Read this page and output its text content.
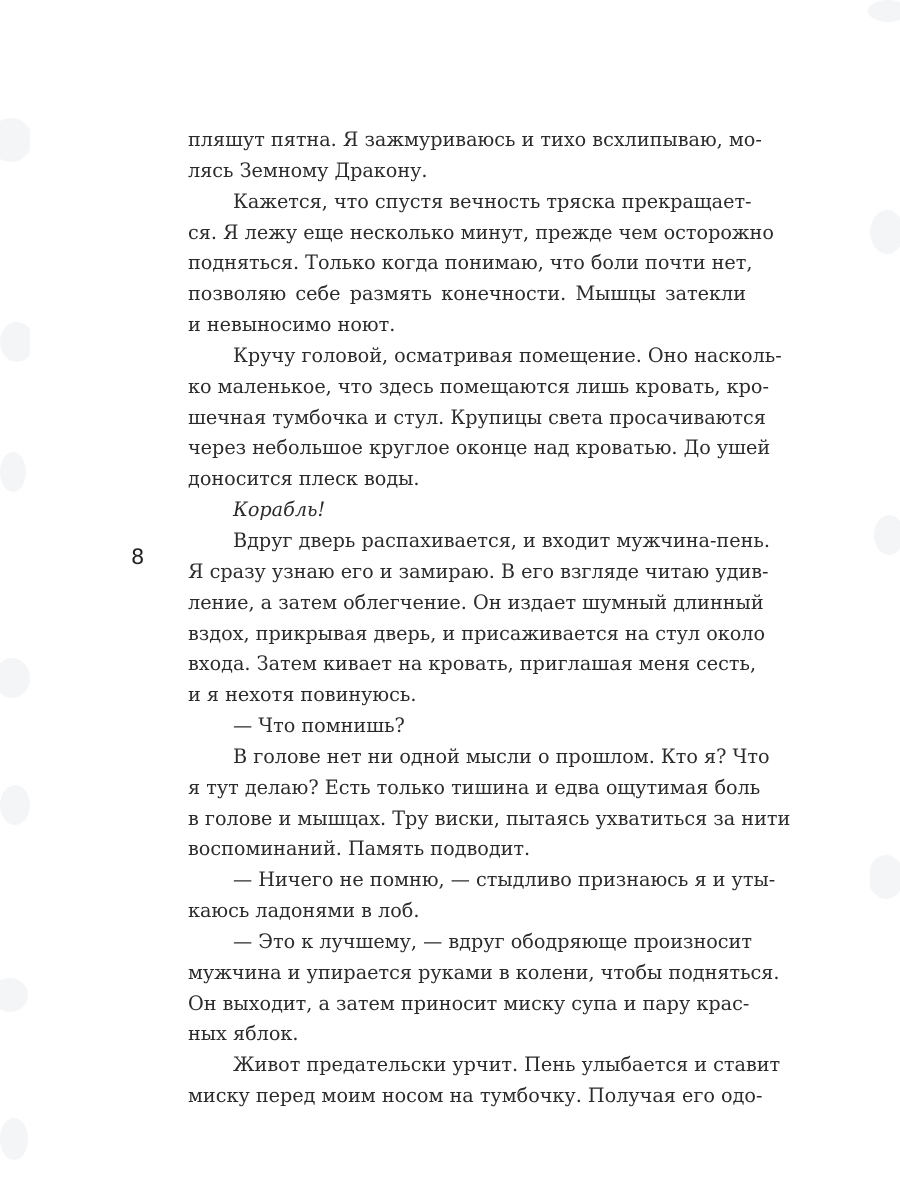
8
пляшут пятна. Я зажмуриваюсь и тихо всхлипываю, мо-
лясь Земному Дракону.
Кажется, что спустя вечность тряска прекращает-
ся. Я лежу еще несколько минут, прежде чем осторожно
подняться. Только когда понимаю, что боли почти нет,
позволяю себе размять конечности. Мышцы затекли
и невыносимо ноют.
Кручу головой, осматривая помещение. Оно насколь-
ко маленькое, что здесь помещаются лишь кровать, кро-
шечная тумбочка и стул. Крупицы света просачиваются
через небольшое круглое оконце над кроватью. До ушей
доносится плеск воды.
Корабль!
Вдруг дверь распахивается, и входит мужчина-пень.
Я сразу узнаю его и замираю. В его взгляде читаю удив-
ление, а затем облегчение. Он издает шумный длинный
вздох, прикрывая дверь, и присаживается на стул около
входа. Затем кивает на кровать, приглашая меня сесть,
и я нехотя повинуюсь.
— Что помнишь?
В голове нет ни одной мысли о прошлом. Кто я? Что
я тут делаю? Есть только тишина и едва ощутимая боль
в голове и мышцах. Тру виски, пытаясь ухватиться за нити
воспоминаний. Память подводит.
— Ничего не помню, — стыдливо признаюсь я и уты-
каюсь ладонями в лоб.
— Это к лучшему, — вдруг ободряюще произносит
мужчина и упирается руками в колени, чтобы подняться.
Он выходит, а затем приносит миску супа и пару крас-
ных яблок.
Живот предательски урчит. Пень улыбается и ставит
миску перед моим носом на тумбочку. Получая его одо-
